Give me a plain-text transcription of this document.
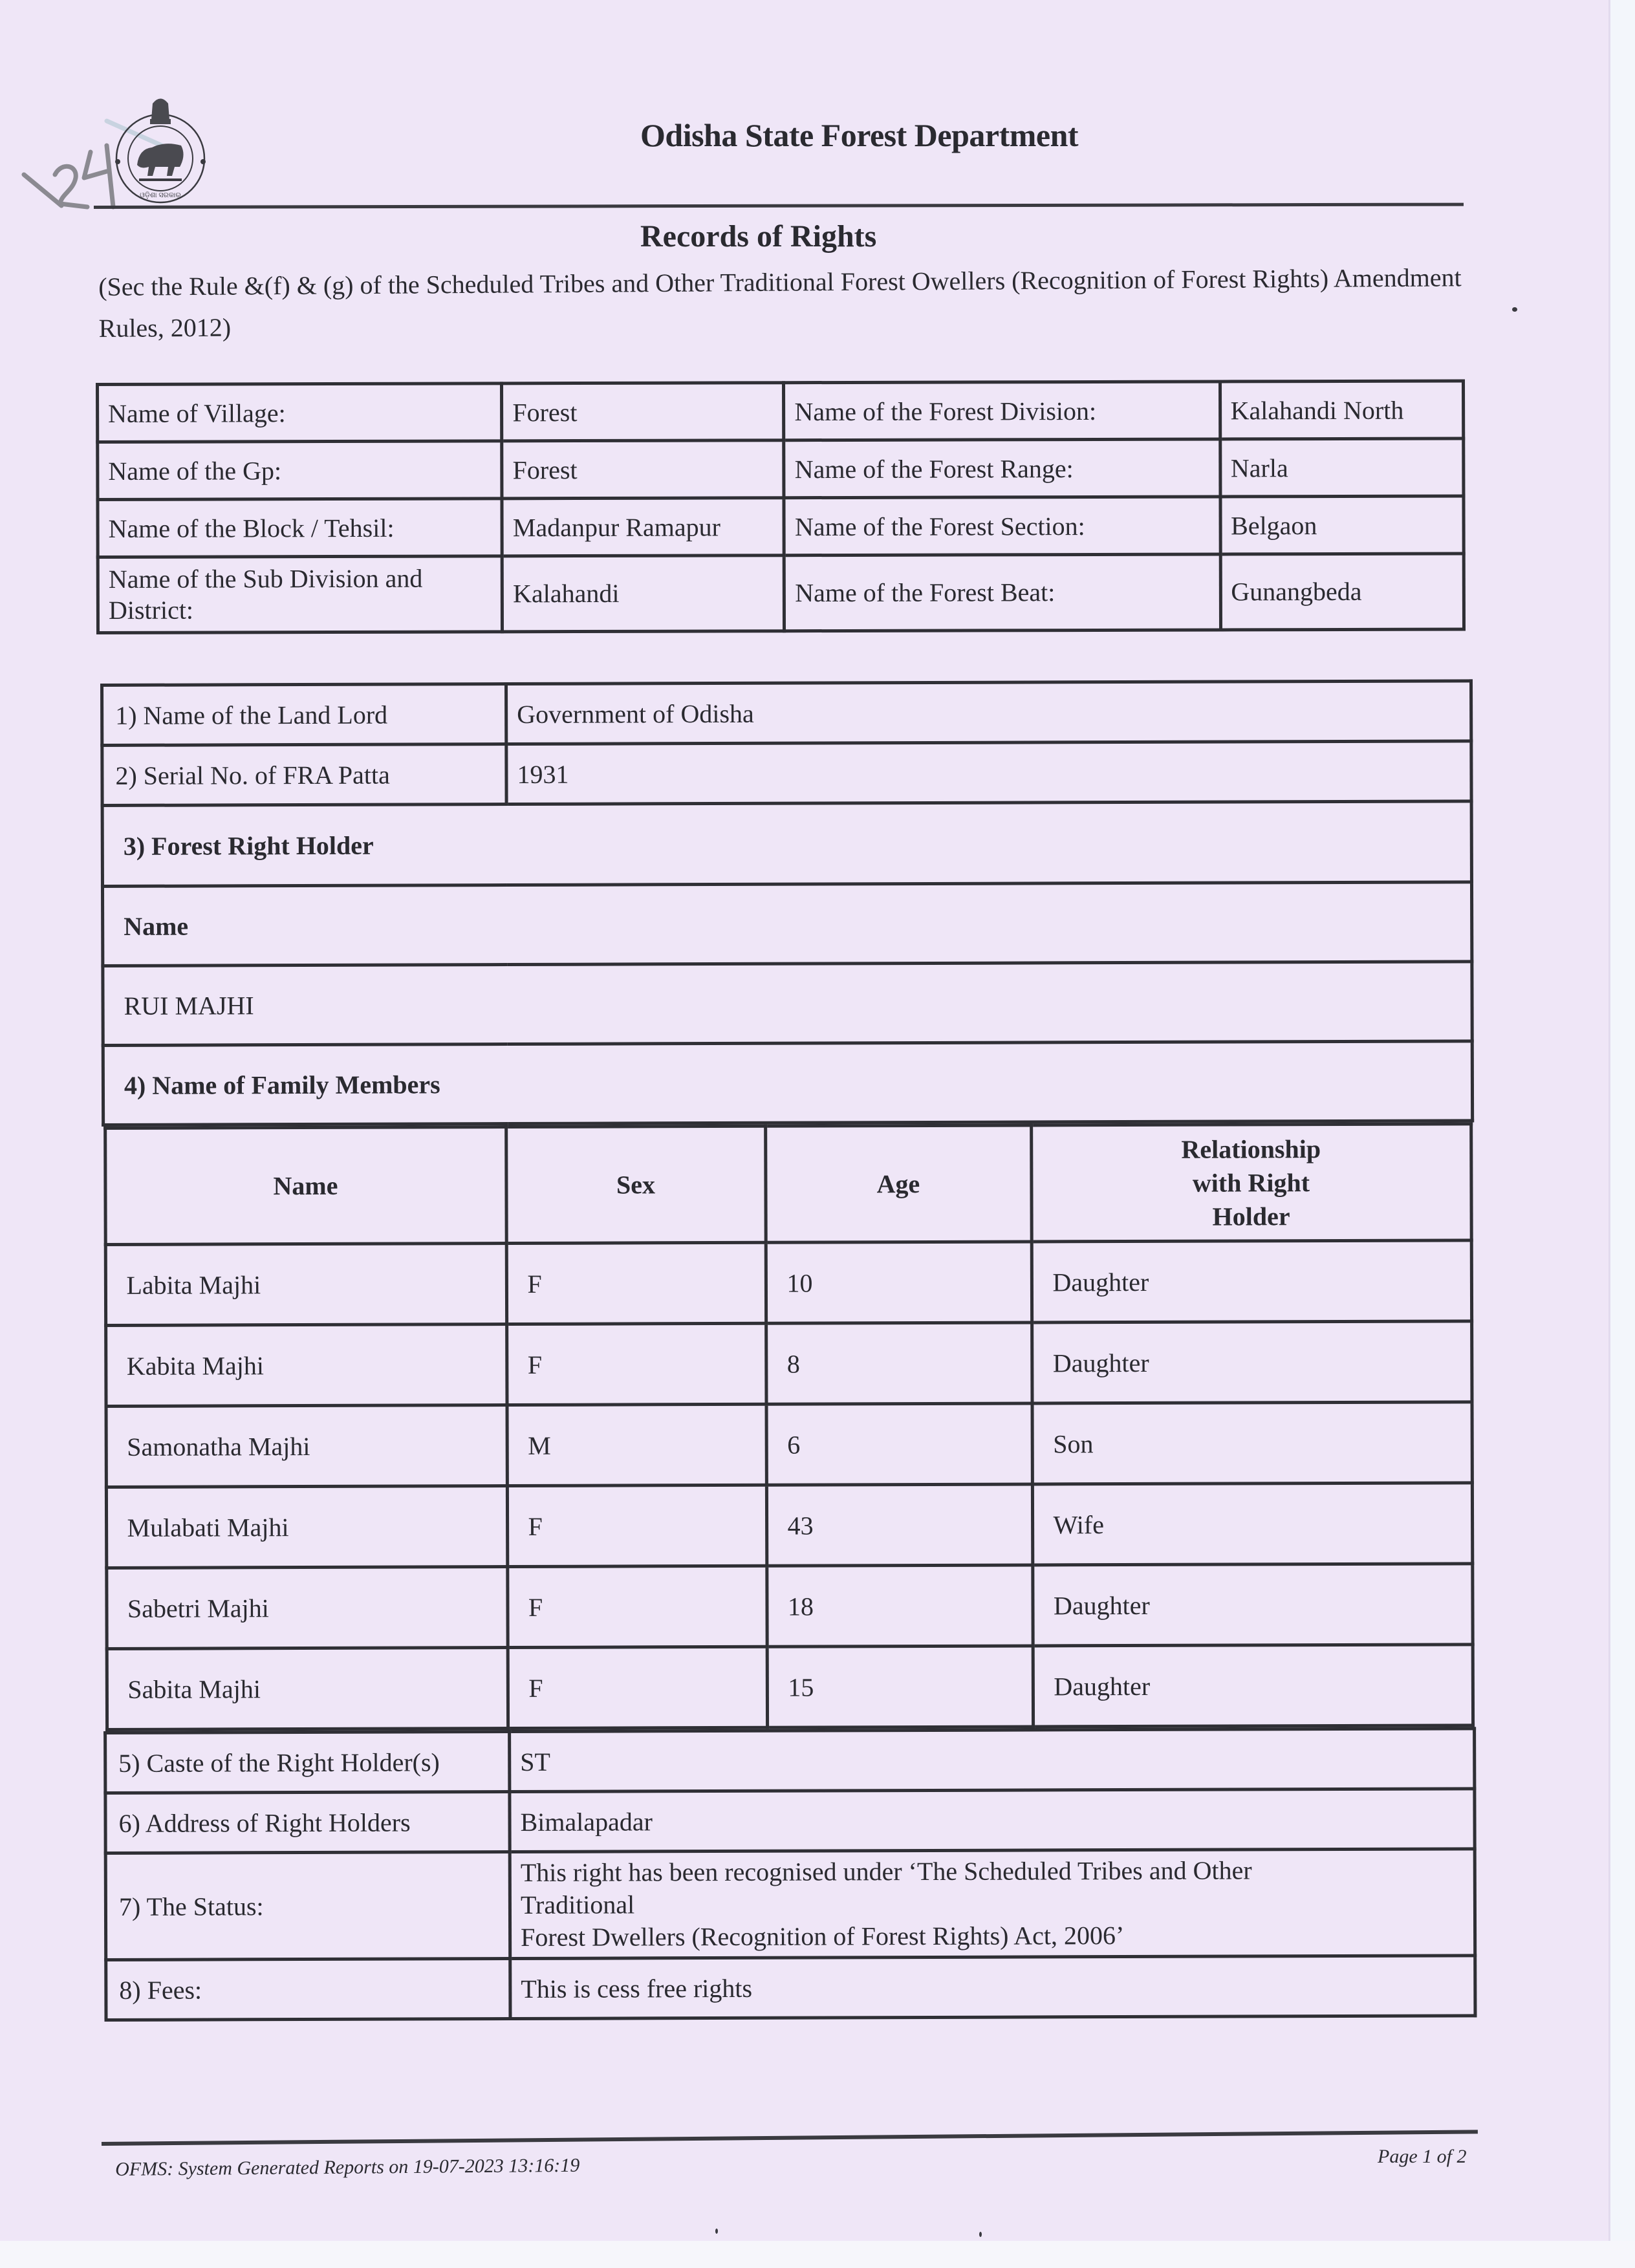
ଓଡ଼ିଶା ସରକାର
Odisha State Forest Department
Records of Rights
(Sec the Rule &(f) & (g) of the Scheduled Tribes and Other Traditional Forest Owellers (Recognition of Forest Rights) Amendment Rules, 2012)
Name of Village:	Forest	Name of the Forest Division:	Kalahandi North
Name of the Gp:	Forest	Name of the Forest Range:	Narla
Name of the Block / Tehsil:	Madanpur Ramapur	Name of the Forest Section:	Belgaon
Name of the Sub Division and District:	Kalahandi	Name of the Forest Beat:	Gunangbeda
1) Name of the Land Lord	Government of Odisha
2) Serial No. of FRA Patta	1931
3) Forest Right Holder
Name
RUI MAJHI
4) Name of Family Members

Name	Sex	Age	Relationship with Right Holder
Labita Majhi	F	10	Daughter
Kabita Majhi	F	8	Daughter
Samonatha Majhi	M	6	Son
Mulabati Majhi	F	43	Wife
Sabetri Majhi	F	18	Daughter
Sabita Majhi	F	15	Daughter

5) Caste of the Right Holder(s)	ST
6) Address of Right Holders	Bimalapadar
7) The Status:	
This right has been recognised under ‘The Scheduled Tribes and Other
Traditional
Forest Dwellers (Recognition of Forest Rights) Act, 2006’

8) Fees:	This is cess free rights
OFMS: System Generated Reports on 19-07-2023 13:16:19	Page 1 of 2
